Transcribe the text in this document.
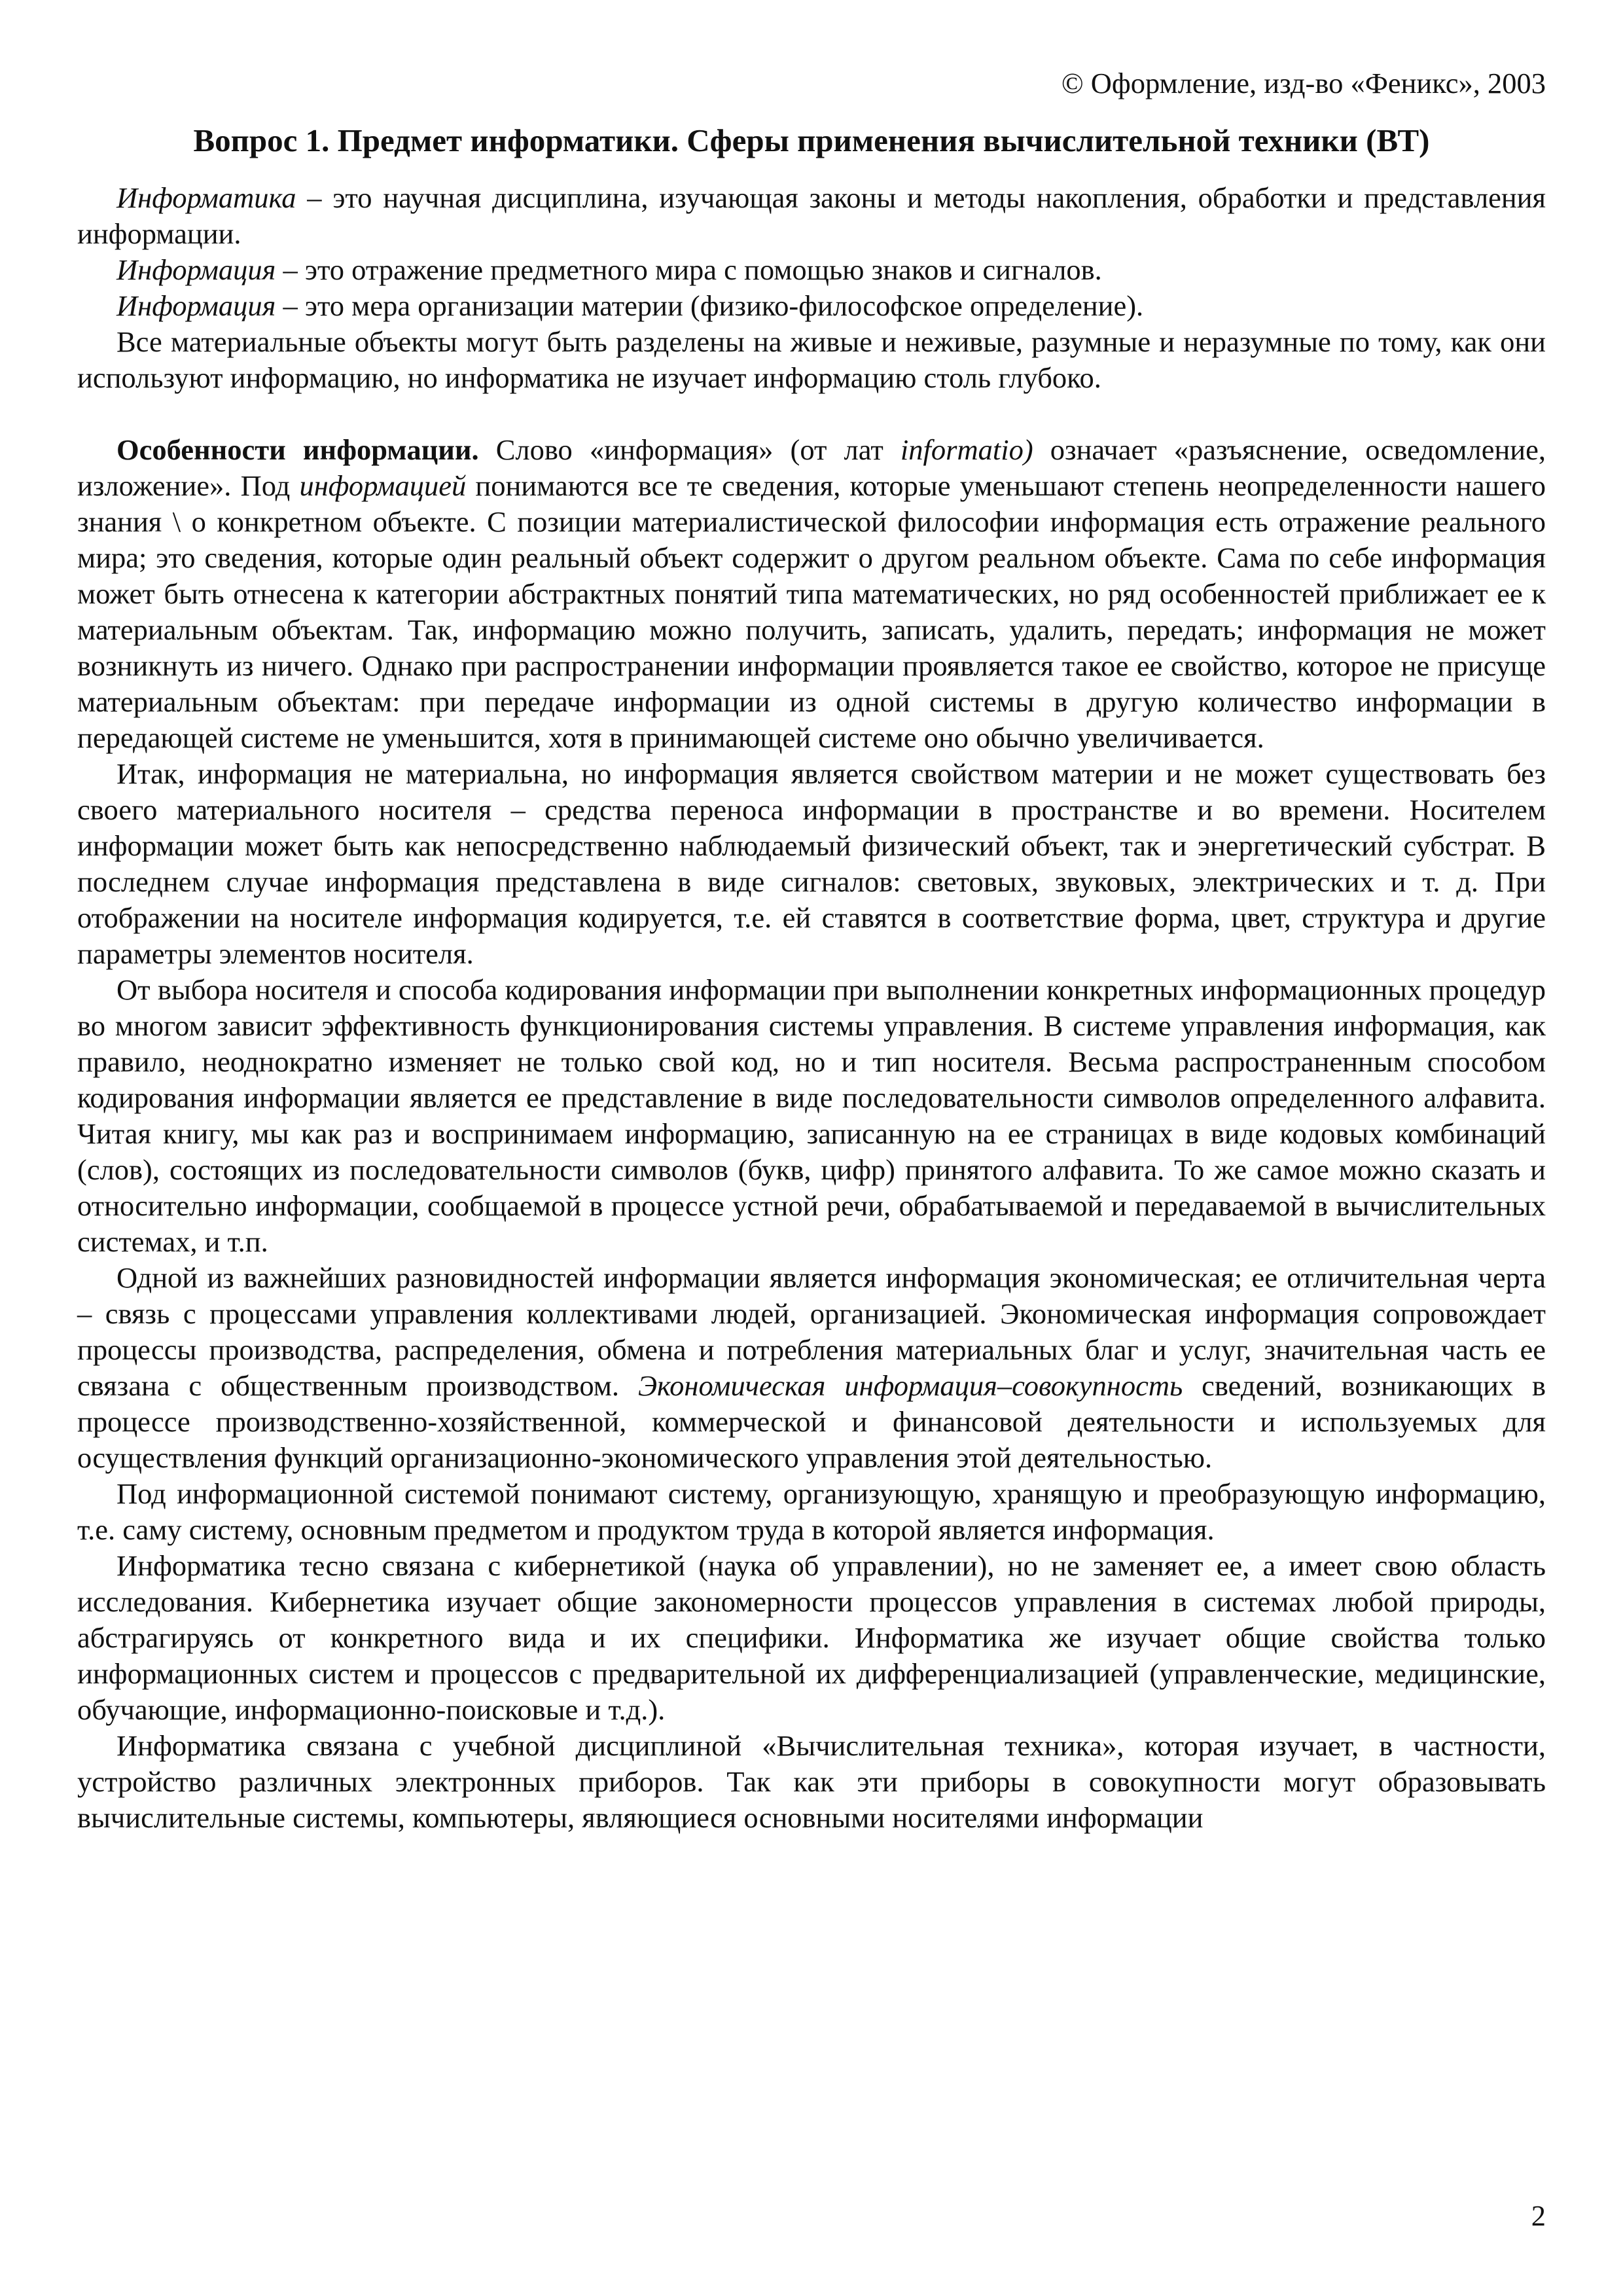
© Оформление, изд-во «Феникс», 2003
Вопрос 1. Предмет информатики. Сферы применения вычислительной техники (ВТ)

Информатика – это научная дисциплина, изучающая законы и методы накопления, обработки и представления информации.

Информация – это отражение предметного мира с помощью знаков и сигналов.

Информация – это мера организации материи (физико-философское определение).

Все материальные объекты могут быть разделены на живые и неживые, разумные и неразумные по тому, как они используют информацию, но информатика не изучает информацию столь глубоко.

Особенности информации. Слово «информация» (от лат informatio) означает «разъяснение, осведомление, изложение». Под информацией понимаются все те сведения, которые уменьшают степень неопределенности нашего знания \ о конкретном объекте. С позиции материалистической философии информация есть отражение реального мира; это сведения, которые один реальный объект содержит о другом реальном объекте. Сама по себе информация может быть отнесена к категории абстрактных понятий типа математических, но ряд особенностей приближает ее к материальным объектам. Так, информацию можно получить, записать, удалить, передать; информация не может возникнуть из ничего. Однако при распространении информации проявляется такое ее свойство, которое не присуще материальным объектам: при передаче информации из одной системы в другую количество информации в передающей системе не уменьшится, хотя в принимающей системе оно обычно увеличивается.

Итак, информация не материальна, но информация является свойством материи и не может существовать без своего материального носителя – средства переноса информации в пространстве и во времени. Носителем информации может быть как непосредственно наблюдаемый физический объект, так и энергетический субстрат. В последнем случае информация представлена в виде сигналов: световых, звуковых, электрических и т. д. При отображении на носителе информация кодируется, т.е. ей ставятся в соответствие форма, цвет, структура и другие параметры элементов носителя.

От выбора носителя и способа кодирования информации при выполнении конкретных информационных процедур во многом зависит эффективность функционирования системы управления. В системе управления информация, как правило, неоднократно изменяет не только свой код, но и тип носителя. Весьма распространенным способом кодирования информации является ее представление в виде последовательности символов определенного алфавита. Читая книгу, мы как раз и воспринимаем информацию, записанную на ее страницах в виде кодовых комбинаций (слов), состоящих из последовательности символов (букв, цифр) принятого алфавита. То же самое можно сказать и относительно информации, сообщаемой в процессе устной речи, обрабатываемой и передаваемой в вычислительных системах, и т.п.

Одной из важнейших разновидностей информации является информация экономическая; ее отличительная черта – связь с процессами управления коллективами людей, организацией. Экономическая информация сопровождает процессы производства, распределения, обмена и потребления материальных благ и услуг, значительная часть ее связана с общественным производством. Экономическая информация–совокупность сведений, возникающих в процессе производственно-хозяйственной, коммерческой и финансовой деятельности и используемых для осуществления функций организационно-экономического управления этой деятельностью.

Под информационной системой понимают систему, организующую, хранящую и преобразующую информацию, т.е. саму систему, основным предметом и продуктом труда в которой является информация.

Информатика тесно связана с кибернетикой (наука об управлении), но не заменяет ее, а имеет свою область исследования. Кибернетика изучает общие закономерности процессов управления в системах любой природы, абстрагируясь от конкретного вида и их специфики. Информатика же изучает общие свойства только информационных систем и процессов с предварительной их дифференциализацией (управленческие, медицинские, обучающие, информационно-поисковые и т.д.).

Информатика связана с учебной дисциплиной «Вычислительная техника», которая изучает, в частности, устройство различных электронных приборов. Так как эти приборы в совокупности могут образовывать вычислительные системы, компьютеры, являющиеся основными носителями информации

2
